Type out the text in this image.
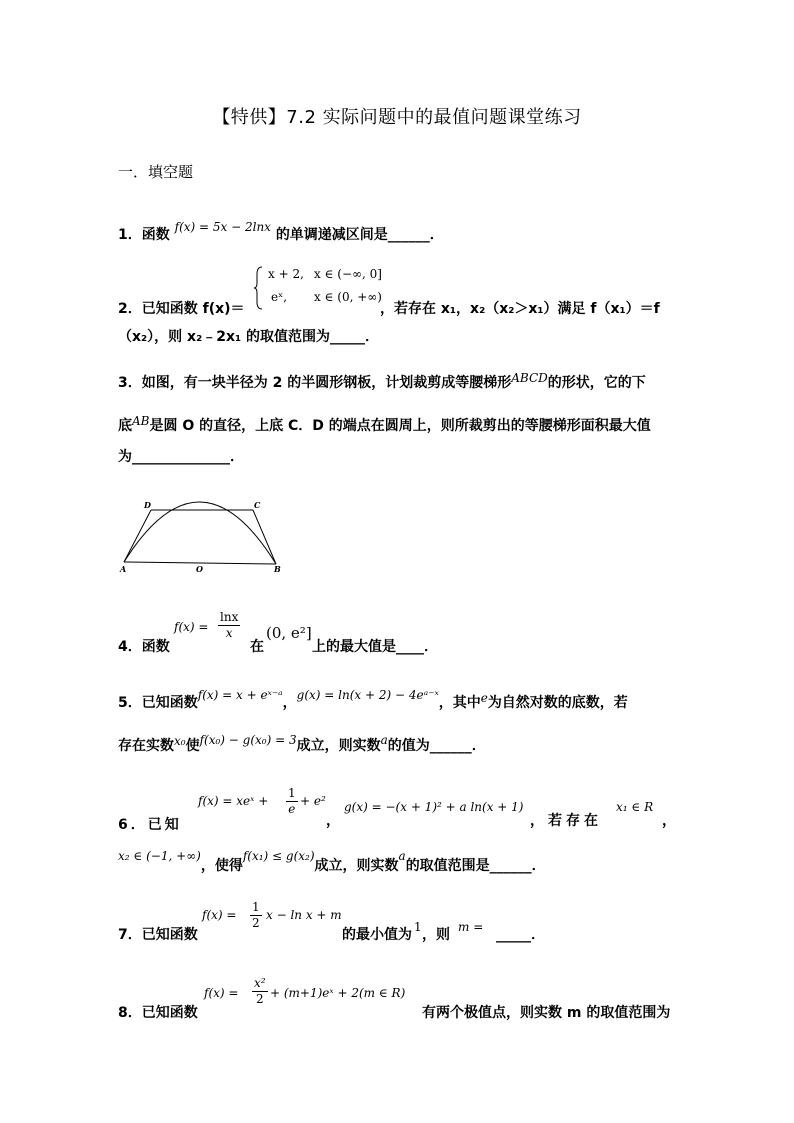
【特供】7.2 实际问题中的最值问题课堂练习
一．填空题
1．函数 f(x) = 5x − 2lnx 的单调递减区间是______．
2．已知函数 f(x)＝
x + 2, x ∈ (−∞, 0]
eˣ, x ∈ (0, +∞)
，若存在 x₁，x₂（x₂＞x₁）满足 f（x₁）＝f
（x₂），则 x₂﹣2x₁ 的取值范围为_____．
3．如图，有一块半径为 2 的半圆形钢板，计划裁剪成等腰梯形ABCD的形状，它的下
底AB是圆 O 的直径，上底 C．D 的端点在圆周上，则所裁剪出的等腰梯形面积最大值
为______________．
D	C
A	O	B
4．函数
$f(x) = \frac{\ln x}{x}$
在
(0, e²]
上的最大值是____．
5．已知函数f(x) = x + eˣ⁻ᵃ，g(x) = ln(x + 2) − 4eᵃ⁻ˣ，其中e为自然对数的底数，若
存在实数x₀使f(x₀) − g(x₀) = 3成立，则实数a的值为______．
6．已知
f(x) = xeˣ + $\frac{1}{e} + e^2$
，
g(x) = −(x + 1)² + a ln(x + 1)
，若存在
x₁ ∈ R
，
x₂ ∈ (−1, +∞)，使得f(x₁) ≤ g(x₂)成立，则实数a的取值范围是______．
7．已知函数
$f(x) = \frac{1}{2}$ x − ln x + m
的最小值为 1 ，则 m = _____．
8．已知函数
$f(x) = \frac{\text{x²}}{2}$ + (m+1)eˣ + 2(m ∈ R)
有两个极值点，则实数 m 的取值范围为
